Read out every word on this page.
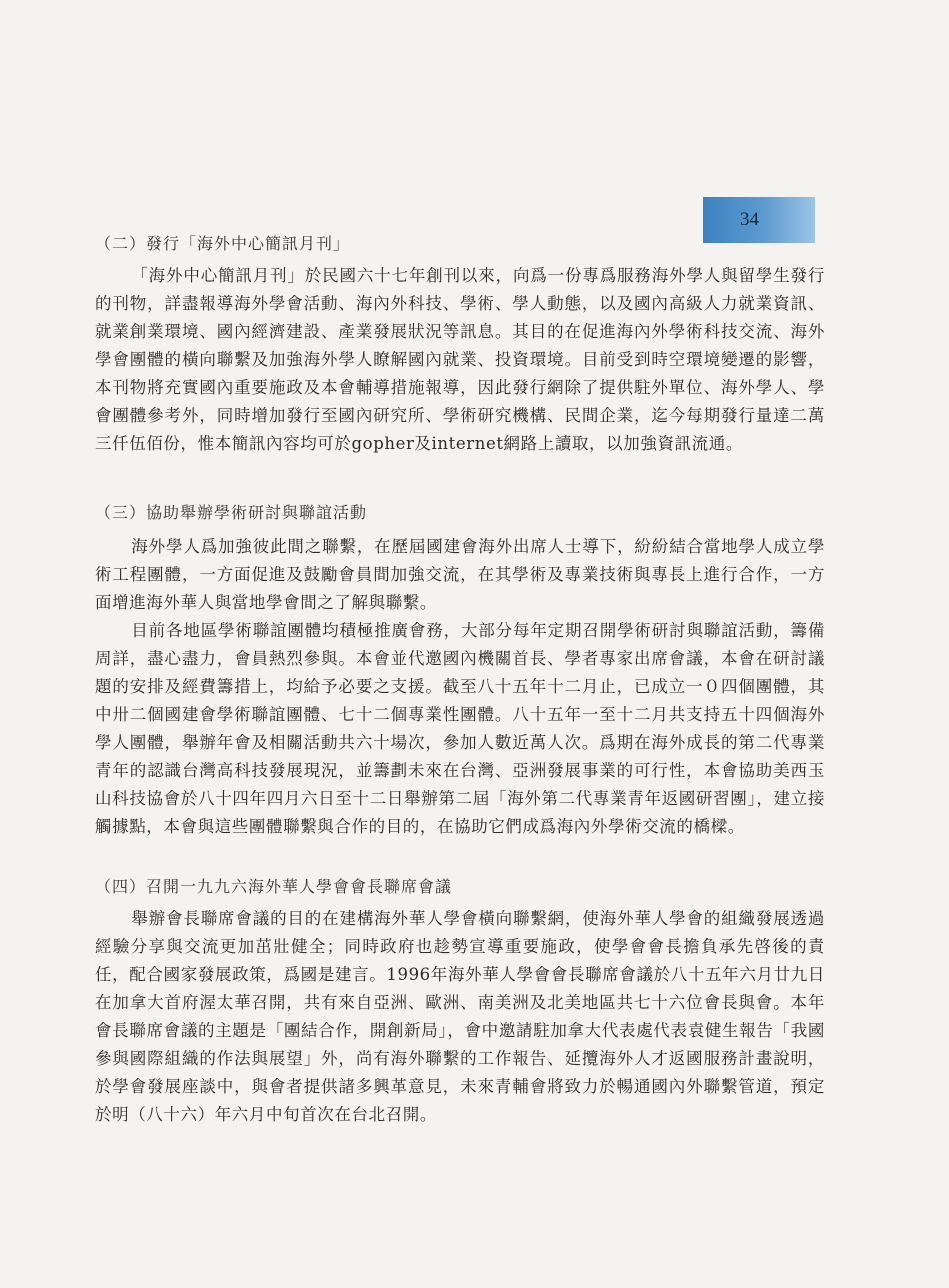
34
（二）發行「海外中心簡訊月刊」

「海外中心簡訊月刊」於民國六十七年創刊以來，向爲一份專爲服務海外學人與留學生發行的刊物，詳盡報導海外學會活動、海內外科技、學術、學人動態，以及國內高級人力就業資訊、就業創業環境、國內經濟建設、產業發展狀況等訊息。其目的在促進海內外學術科技交流、海外學會團體的橫向聯繫及加強海外學人瞭解國內就業、投資環境。目前受到時空環境變遷的影響，本刊物將充實國內重要施政及本會輔導措施報導，因此發行網除了提供駐外單位、海外學人、學會團體參考外，同時增加發行至國內研究所、學術研究機構、民間企業，迄今每期發行量達二萬三仟伍佰份，惟本簡訊內容均可於gopher及internet網路上讀取，以加強資訊流通。

（三）協助舉辦學術研討與聯誼活動

海外學人爲加強彼此間之聯繫，在歷屆國建會海外出席人士導下，紛紛結合當地學人成立學術工程團體，一方面促進及鼓勵會員間加強交流，在其學術及專業技術與專長上進行合作，一方面增進海外華人與當地學會間之了解與聯繫。

目前各地區學術聯誼團體均積極推廣會務，大部分每年定期召開學術研討與聯誼活動，籌備周詳，盡心盡力，會員熱烈參與。本會並代邀國內機關首長、學者專家出席會議，本會在研討議題的安排及經費籌措上，均給予必要之支援。截至八十五年十二月止，已成立一０四個團體，其中卅二個國建會學術聯誼團體、七十二個專業性團體。八十五年一至十二月共支持五十四個海外學人團體，舉辦年會及相關活動共六十場次，參加人數近萬人次。爲期在海外成長的第二代專業青年的認識台灣高科技發展現況，並籌劃未來在台灣、亞洲發展事業的可行性，本會協助美西玉山科技協會於八十四年四月六日至十二日舉辦第二屆「海外第二代專業青年返國研習團」，建立接觸據點，本會與這些團體聯繫與合作的目的，在協助它們成爲海內外學術交流的橋樑。

（四）召開一九九六海外華人學會會長聯席會議

舉辦會長聯席會議的目的在建構海外華人學會橫向聯繫網，使海外華人學會的組織發展透過經驗分享與交流更加茁壯健全；同時政府也趁勢宣導重要施政，使學會會長擔負承先啓後的責任，配合國家發展政策，爲國是建言。1996年海外華人學會會長聯席會議於八十五年六月廿九日在加拿大首府渥太華召開，共有來自亞洲、歐洲、南美洲及北美地區共七十六位會長與會。本年會長聯席會議的主題是「團結合作，開創新局」，會中邀請駐加拿大代表處代表袁健生報告「我國參與國際組織的作法與展望」外，尚有海外聯繫的工作報告、延攬海外人才返國服務計畫說明，於學會發展座談中，與會者提供諸多興革意見，未來青輔會將致力於暢通國內外聯繫管道，預定於明（八十六）年六月中旬首次在台北召開。
